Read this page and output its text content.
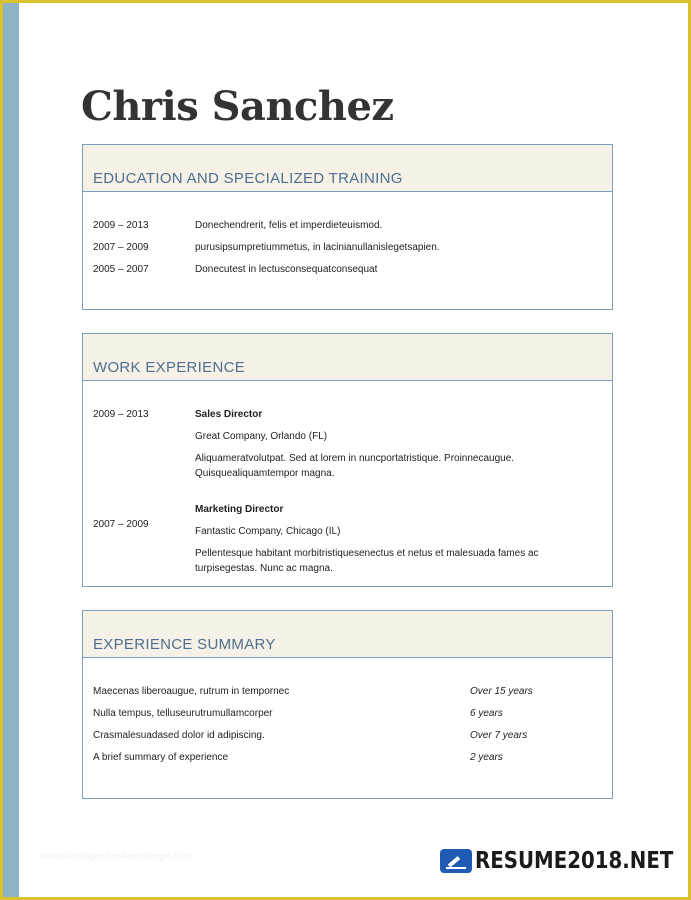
Chris Sanchez
EDUCATION AND SPECIALIZED TRAINING
2009 – 2013	Donechendrerit, felis et imperdieteuismod.
2007 – 2009	purusipsumpretiummetus, in lacinianullanislegetsapien.
2005 – 2007	Donecutest in lectusconsequatconsequat
WORK EXPERIENCE
2009 – 2013	Sales Director
Great Company, Orlando (FL)
Aliquameratvolutpat. Sed at lorem in nuncportatristique. Proinnecaugue. Quisquealiquamtempor magna.
2007 – 2009
Marketing Director
Fantastic Company, Chicago (IL)
Pellentesque habitant morbitristiquesenectus et netus et malesuada fames ac turpisegestas. Nunc ac magna.
EXPERIENCE SUMMARY
Maecenas liberoaugue, rutrum in tempornec	Over 15 years
Nulla tempus, telluseurutrumullamcorper	6 years
Crasmalesuadased dolor id adipiscing.	Over 7 years
A brief summary of experience	2 years
www.heritagechristiancollege.com	RESUME2018.NET
